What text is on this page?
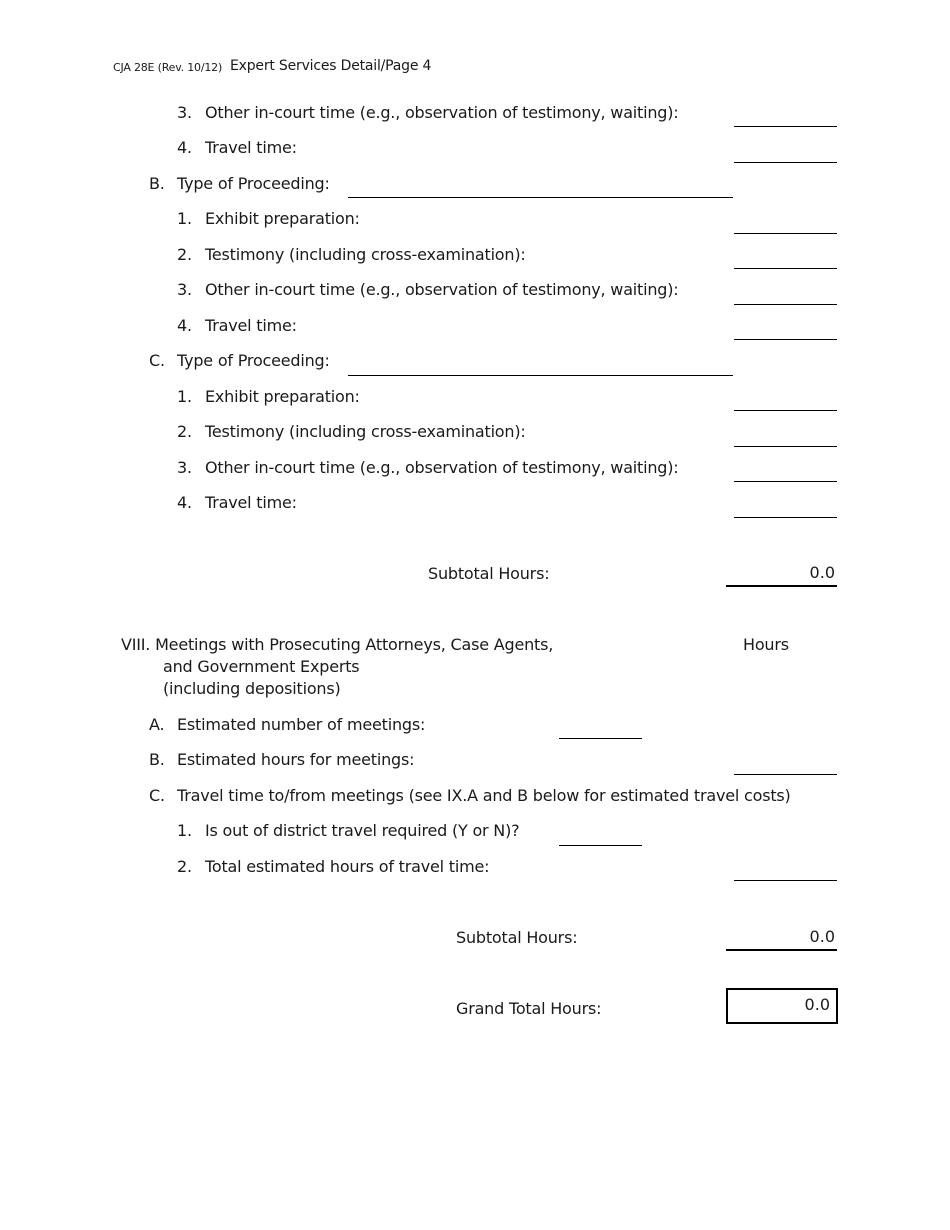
CJA 28E (Rev. 10/12) Expert Services Detail/Page 4
3. Other in-court time (e.g., observation of testimony, waiting):
4. Travel time:
B. Type of Proceeding:
1. Exhibit preparation:
2. Testimony (including cross-examination):
3. Other in-court time (e.g., observation of testimony, waiting):
4. Travel time:
C. Type of Proceeding:
1. Exhibit preparation:
2. Testimony (including cross-examination):
3. Other in-court time (e.g., observation of testimony, waiting):
4. Travel time:
Subtotal Hours:	0.0
VIII. Meetings with Prosecuting Attorneys, Case Agents,
and Government Experts
(including depositions)
Hours
A. Estimated number of meetings:
B. Estimated hours for meetings:
C. Travel time to/from meetings (see IX.A and B below for estimated travel costs)
1. Is out of district travel required (Y or N)?
2. Total estimated hours of travel time:
Subtotal Hours:	0.0
Grand Total Hours:	0.0
